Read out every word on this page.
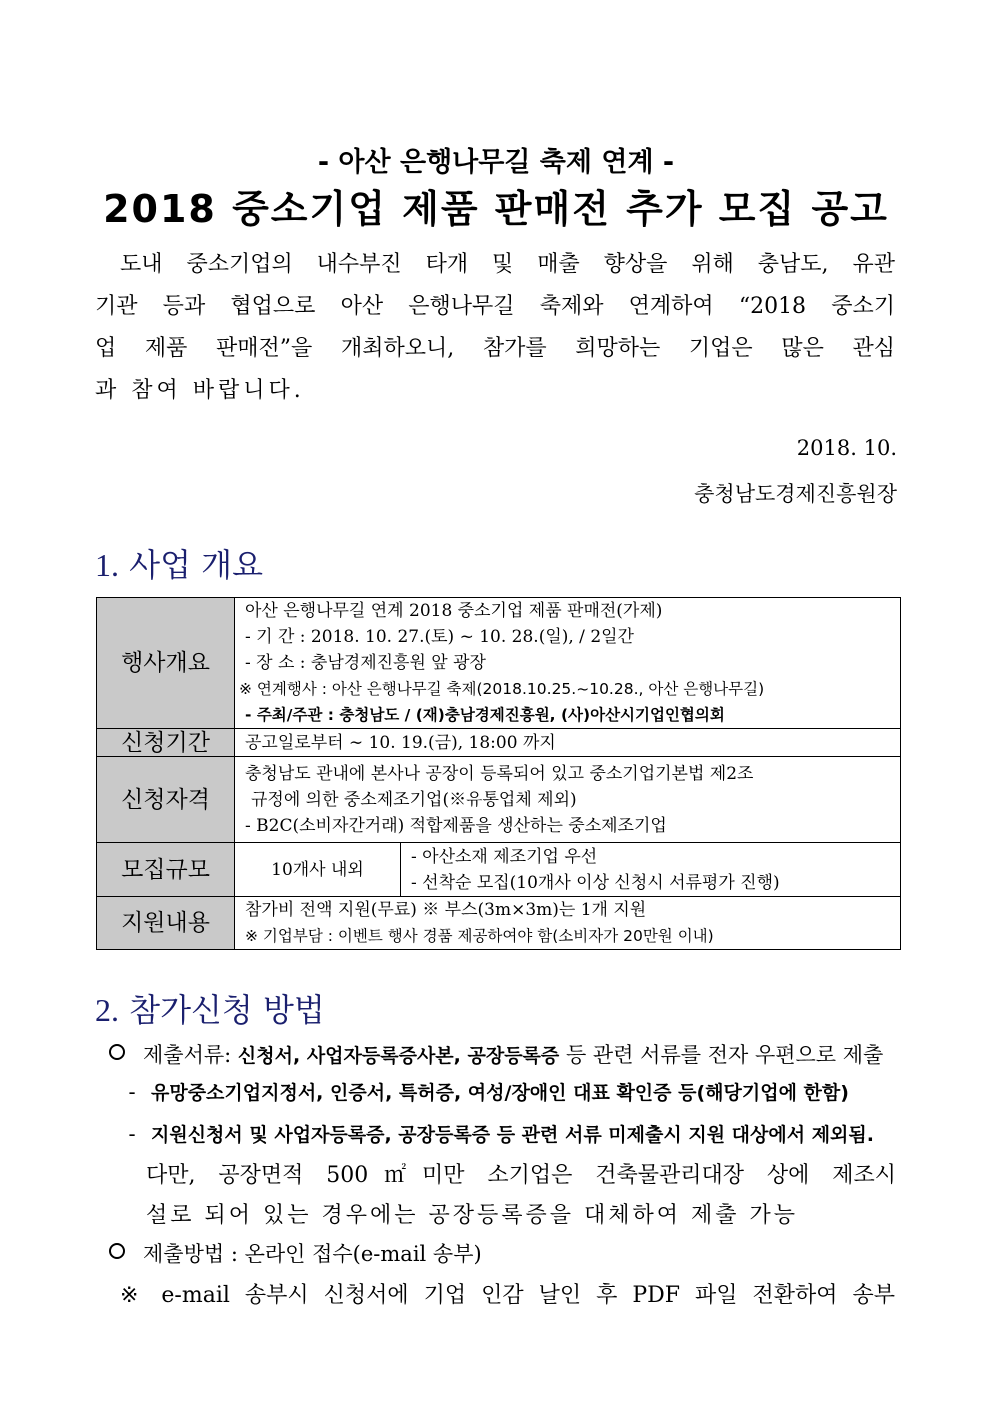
- 아산 은행나무길 축제 연계 -
2018 중소기업 제품 판매전 추가 모집 공고
도내 중소기업의 내수부진 타개 및 매출 향상을 위해 충남도, 유관
기관 등과 협업으로 아산 은행나무길 축제와 연계하여 “2018 중소기
업 제품 판매전”을 개최하오니, 참가를 희망하는 기업은 많은 관심
과 참여 바랍니다.
2018. 10.
충청남도경제진흥원장
1. 사업 개요
행사개요	아산 은행나무길 연계 2018 중소기업 제품 판매전(가제)
- 기 간 : 2018. 10. 27.(토) ~ 10. 28.(일), / 2일간
- 장 소 : 충남경제진흥원 앞 광장
※ 연계행사 : 아산 은행나무길 축제(2018.10.25.~10.28., 아산 은행나무길)
- 주최/주관 : 충청남도 / (재)충남경제진흥원, (사)아산시기업인협의회	

신청기간	공고일로부터 ∼ 10. 19.(금), 18:00 까지	

신청자격	충청남도 관내에 본사나 공장이 등록되어 있고 중소기업기본법 제2조
규정에 의한 중소제조기업(※유통업체 제외)
- B2C(소비자간거래) 적합제품을 생산하는 중소제조기업	

모집규모	10개사 내외	- 아산소재 제조기업 우선
- 선착순 모집(10개사 이상 신청시 서류평가 진행)

지원내용	참가비 전액 지원(무료) ※ 부스(3m×3m)는 1개 지원
※ 기업부담 : 이벤트 행사 경품 제공하여야 함(소비자가 20만원 이내)	
2. 참가신청 방법
제출서류: 신청서, 사업자등록증사본, 공장등록증 등 관련 서류를 전자 우편으로 제출
- 유망중소기업지정서, 인증서, 특허증, 여성/장애인 대표 확인증 등(해당기업에 한함)
- 지원신청서 및 사업자등록증, 공장등록증 등 관련 서류 미제출시 지원 대상에서 제외됨.
다만, 공장면적 500㎡미만 소기업은 건축물관리대장 상에 제조시
설로 되어 있는 경우에는 공장등록증을 대체하여 제출 가능
제출방법 : 온라인 접수(e-mail 송부)
※ e-mail 송부시 신청서에 기업 인감 날인 후 PDF 파일 전환하여 송부
